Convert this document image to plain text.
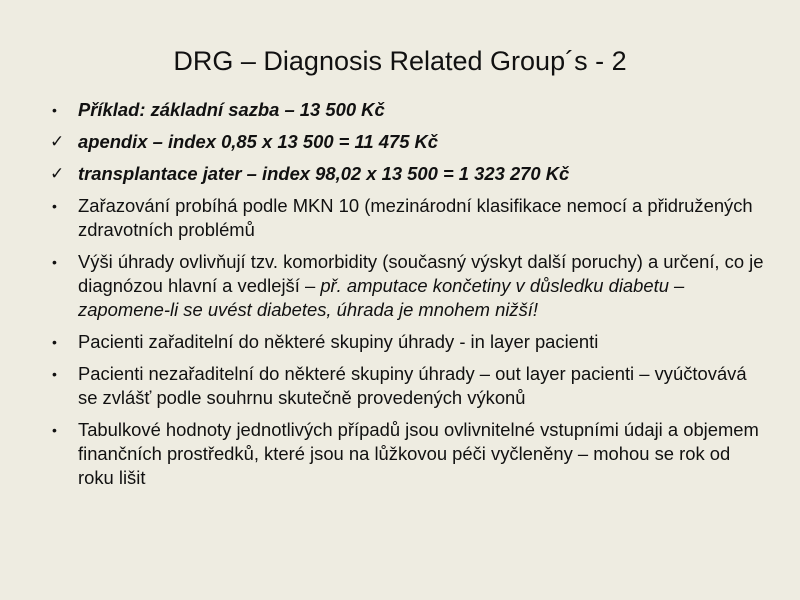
DRG – Diagnosis Related Group´s - 2
•	Příklad: základní sazba – 13 500 Kč
✓ apendix – index 0,85 x 13 500 = 11 475 Kč
✓ transplantace jater – index 98,02 x 13 500 = 1 323 270 Kč
•	Zařazování probíhá podle MKN 10 (mezinárodní klasifikace nemocí a přidružených zdravotních problémů
•	Výši úhrady ovlivňují tzv. komorbidity (současný výskyt další poruchy) a určení, co je diagnózou hlavní a vedlejší – př. amputace končetiny v důsledku diabetu – zapomene-li se uvést diabetes, úhrada je mnohem nižší!
•	Pacienti zařaditelní do některé skupiny úhrady - in layer pacienti
•	Pacienti nezařaditelní do některé skupiny úhrady – out layer pacienti – vyúčtovává se zvlášť podle souhrnu skutečně provedených výkonů
•	Tabulkové hodnoty jednotlivých případů jsou ovlivnitelné vstupními údaji a objemem finančních prostředků, které jsou na lůžkovou péči vyčleněny – mohou se rok od roku lišit
